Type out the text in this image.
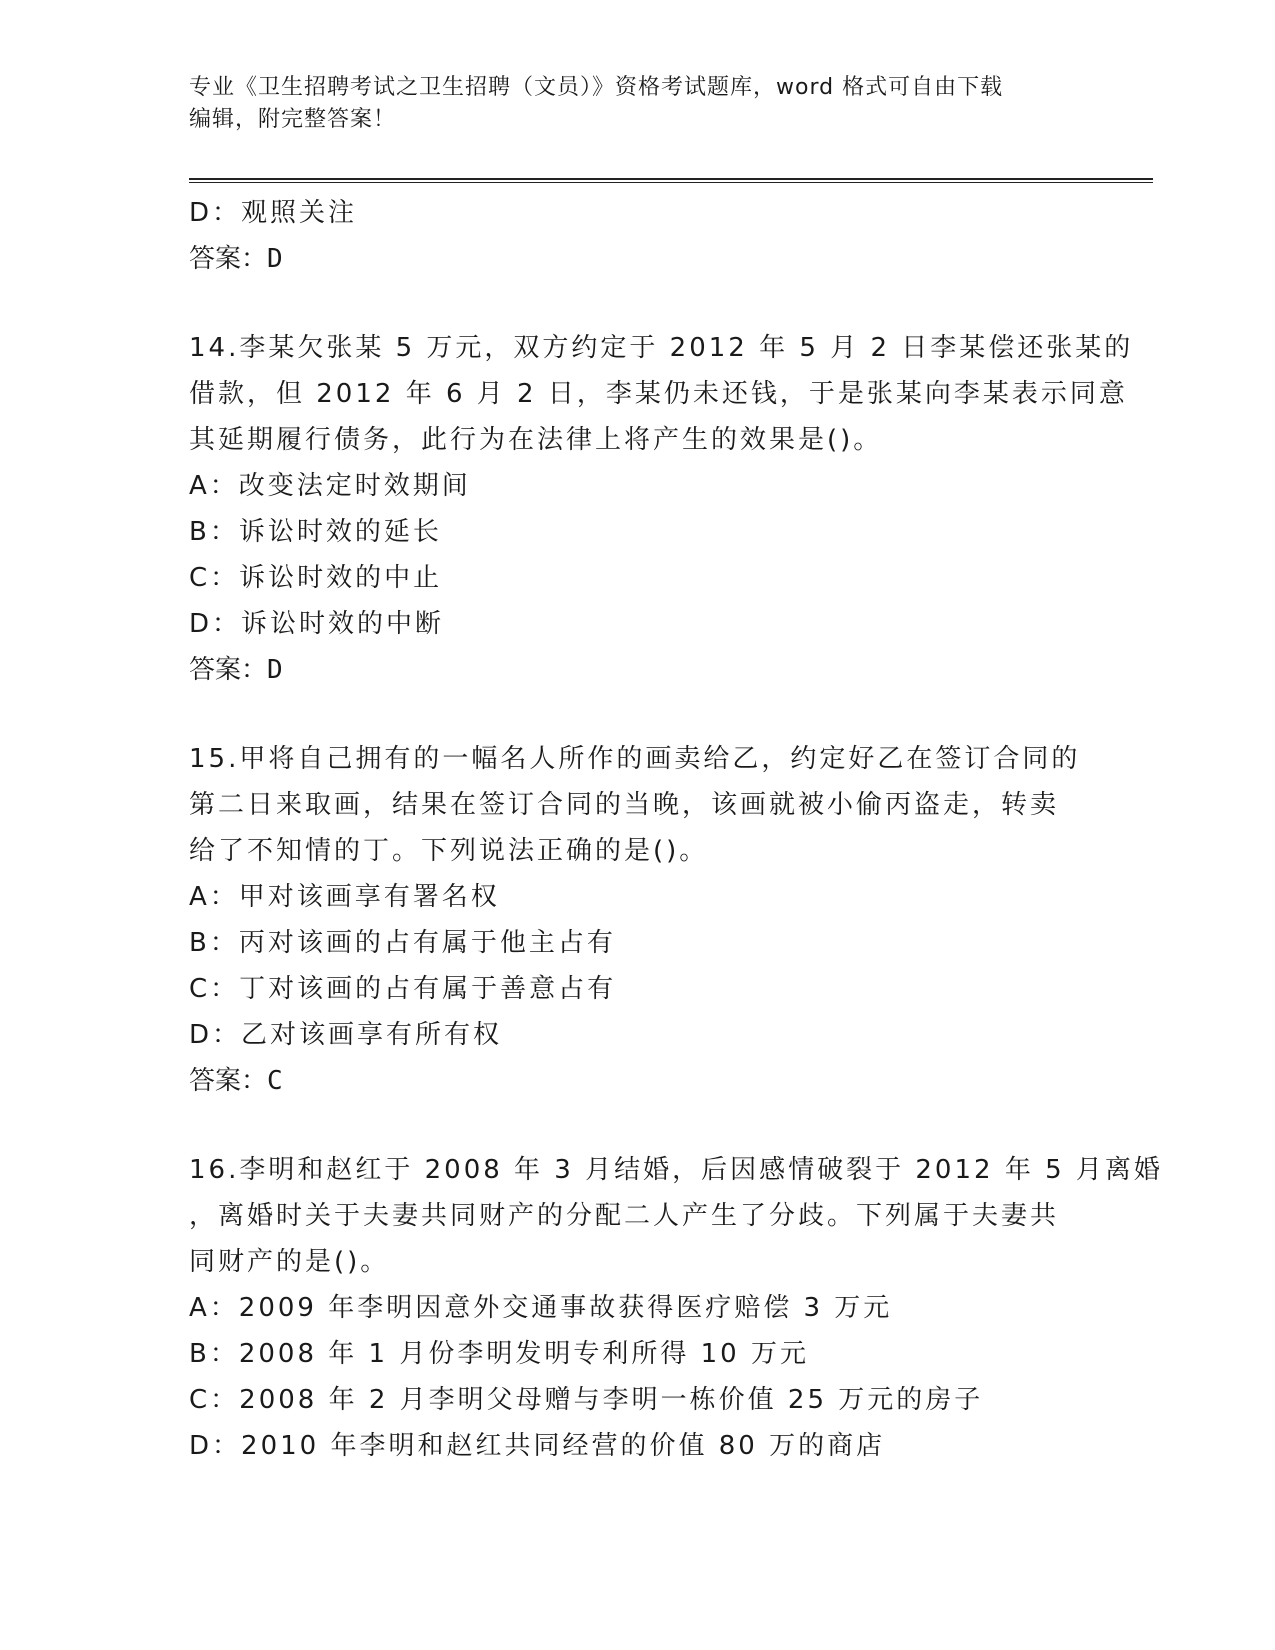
专业《卫生招聘考试之卫生招聘（文员）》资格考试题库，word 格式可自由下载
编辑，附完整答案！
D：观照关注
答案：D
14.李某欠张某 5 万元，双方约定于 2012 年 5 月 2 日李某偿还张某的
借款，但 2012 年 6 月 2 日，李某仍未还钱，于是张某向李某表示同意
其延期履行债务，此行为在法律上将产生的效果是()。
A：改变法定时效期间
B：诉讼时效的延长
C：诉讼时效的中止
D：诉讼时效的中断
答案：D
15.甲将自己拥有的一幅名人所作的画卖给乙，约定好乙在签订合同的
第二日来取画，结果在签订合同的当晚，该画就被小偷丙盗走，转卖
给了不知情的丁。下列说法正确的是()。
A：甲对该画享有署名权
B：丙对该画的占有属于他主占有
C：丁对该画的占有属于善意占有
D：乙对该画享有所有权
答案：C
16.李明和赵红于 2008 年 3 月结婚，后因感情破裂于 2012 年 5 月离婚
，离婚时关于夫妻共同财产的分配二人产生了分歧。下列属于夫妻共
同财产的是()。
A：2009 年李明因意外交通事故获得医疗赔偿 3 万元
B：2008 年 1 月份李明发明专利所得 10 万元
C：2008 年 2 月李明父母赠与李明一栋价值 25 万元的房子
D：2010 年李明和赵红共同经营的价值 80 万的商店
